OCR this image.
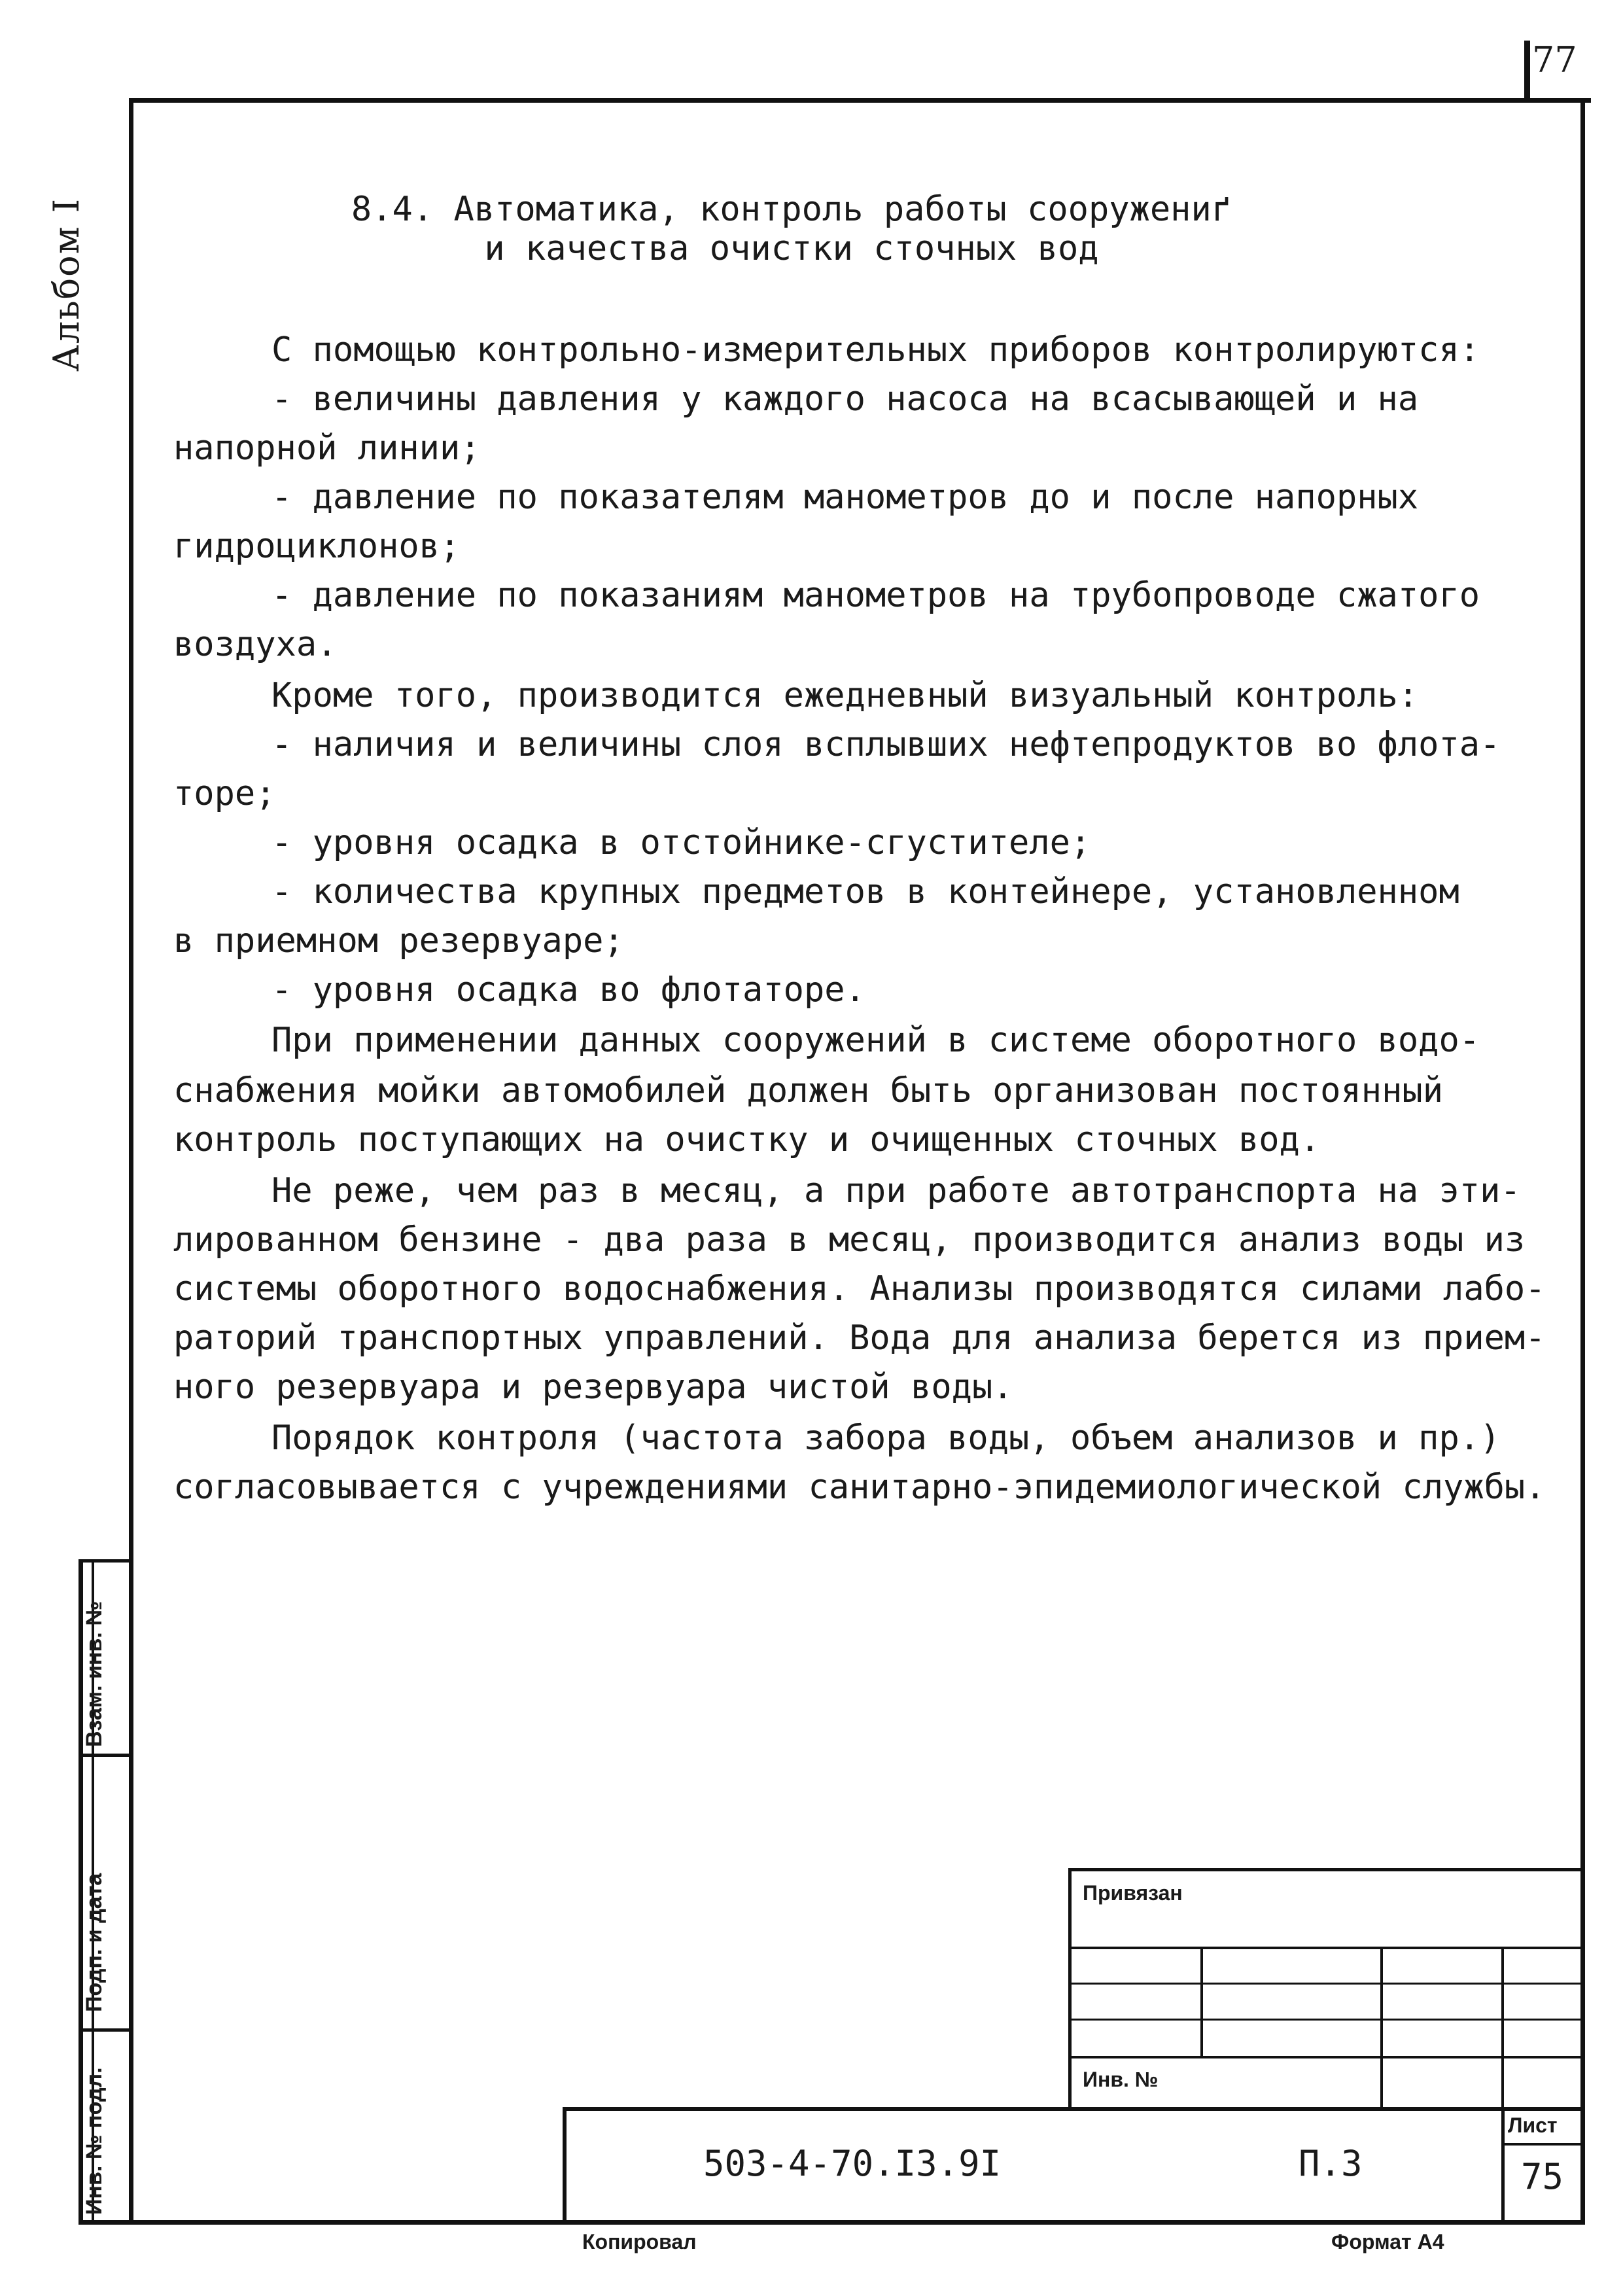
77
Альбом I	8.4. Автоматика, контроль работы сооружениґ
и качества очистки сточных вод
С помощью контрольно-измерительных приборов контролируются:
- величины давления у каждого насоса на всасывающей и на
напорной линии;
- давление по показателям манометров до и после напорных
гидроциклонов;
- давление по показаниям манометров на трубопроводе сжатого
воздуха.
Кроме того, производится ежедневный визуальный контроль:
- наличия и величины слоя всплывших нефтепродуктов во флота-
торе;
- уровня осадка в отстойнике-сгустителе;
- количества крупных предметов в контейнере, установленном
в приемном резервуаре;
- уровня осадка во флотаторе.
При применении данных сооружений в системе оборотного водо-
снабжения мойки автомобилей должен быть организован постоянный
контроль поступающих на очистку и очищенных сточных вод.
Не реже, чем раз в месяц, а при работе автотранспорта на эти-
лированном бензине - два раза в месяц, производится анализ воды из
системы оборотного водоснабжения. Анализы производятся силами лабо-
раторий транспортных управлений. Вода для анализа берется из прием-
ного резервуара и резервуара чистой воды.
Порядок контроля (частота забора воды, объем анализов и пр.)
согласовывается с учреждениями санитарно-эпидемиологической службы.
Взам. инв. №
Подп. и дата
Инв. № подл.
Привязан
Инв. №
503-4-70.I3.9I	П.3
Лист
75
Копировал	Формат А4
